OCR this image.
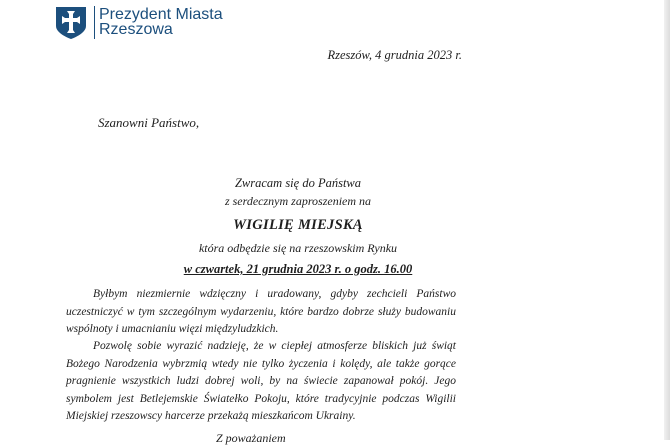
Prezydent Miasta
Rzeszowa
Rzeszów, 4 grudnia 2023 r.
Szanowni Państwo,
Zwracam się do Państwa
z serdecznym zaproszeniem na
WIGILIĘ MIEJSKĄ
która odbędzie się na rzeszowskim Rynku
w czwartek, 21 grudnia 2023 r. o godz. 16.00
Byłbym niezmiernie wdzięczny i uradowany, gdyby zechcieli Państwo uczestniczyć w tym szczególnym wydarzeniu, które bardzo dobrze służy budowaniu wspólnoty i umacnianiu więzi międzyludzkich.
Pozwolę sobie wyrazić nadzieję, że w ciepłej atmosferze bliskich już świąt Bożego Narodzenia wybrzmią wtedy nie tylko życzenia i kolędy, ale także gorące pragnienie wszystkich ludzi dobrej woli, by na świecie zapanował pokój. Jego symbolem jest Betlejemskie Światełko Pokoju, które tradycyjnie podczas Wigilii Miejskiej rzeszowscy harcerze przekażą mieszkańcom Ukrainy.
Z poważaniem
